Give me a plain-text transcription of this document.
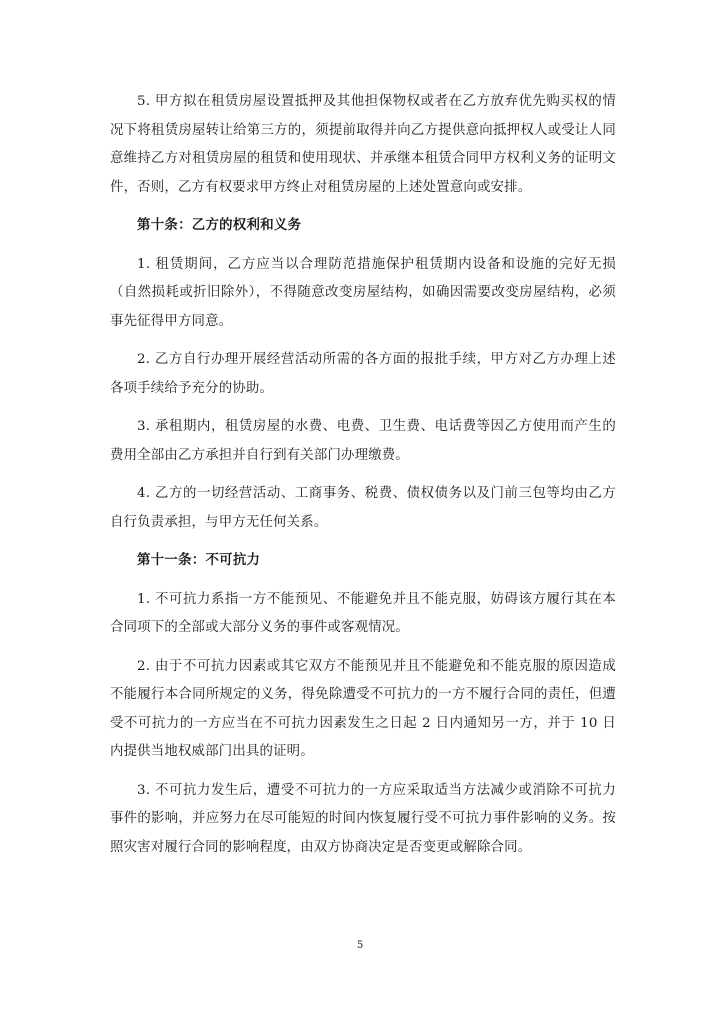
5. 甲方拟在租赁房屋设置抵押及其他担保物权或者在乙方放弃优先购买权的情况下将租赁房屋转让给第三方的，须提前取得并向乙方提供意向抵押权人或受让人同意维持乙方对租赁房屋的租赁和使用现状、并承继本租赁合同甲方权利义务的证明文件，否则，乙方有权要求甲方终止对租赁房屋的上述处置意向或安排。

第十条：乙方的权利和义务

1. 租赁期间，乙方应当以合理防范措施保护租赁期内设备和设施的完好无损（自然损耗或折旧除外），不得随意改变房屋结构，如确因需要改变房屋结构，必须事先征得甲方同意。

2. 乙方自行办理开展经营活动所需的各方面的报批手续，甲方对乙方办理上述各项手续给予充分的协助。

3. 承租期内，租赁房屋的水费、电费、卫生费、电话费等因乙方使用而产生的费用全部由乙方承担并自行到有关部门办理缴费。

4. 乙方的一切经营活动、工商事务、税费、债权债务以及门前三包等均由乙方自行负责承担，与甲方无任何关系。

第十一条：不可抗力

1. 不可抗力系指一方不能预见、不能避免并且不能克服，妨碍该方履行其在本合同项下的全部或大部分义务的事件或客观情况。

2. 由于不可抗力因素或其它双方不能预见并且不能避免和不能克服的原因造成不能履行本合同所规定的义务，得免除遭受不可抗力的一方不履行合同的责任，但遭受不可抗力的一方应当在不可抗力因素发生之日起 2 日内通知另一方，并于 10 日内提供当地权威部门出具的证明。

3. 不可抗力发生后，遭受不可抗力的一方应采取适当方法减少或消除不可抗力事件的影响，并应努力在尽可能短的时间内恢复履行受不可抗力事件影响的义务。按照灾害对履行合同的影响程度，由双方协商决定是否变更或解除合同。

5
